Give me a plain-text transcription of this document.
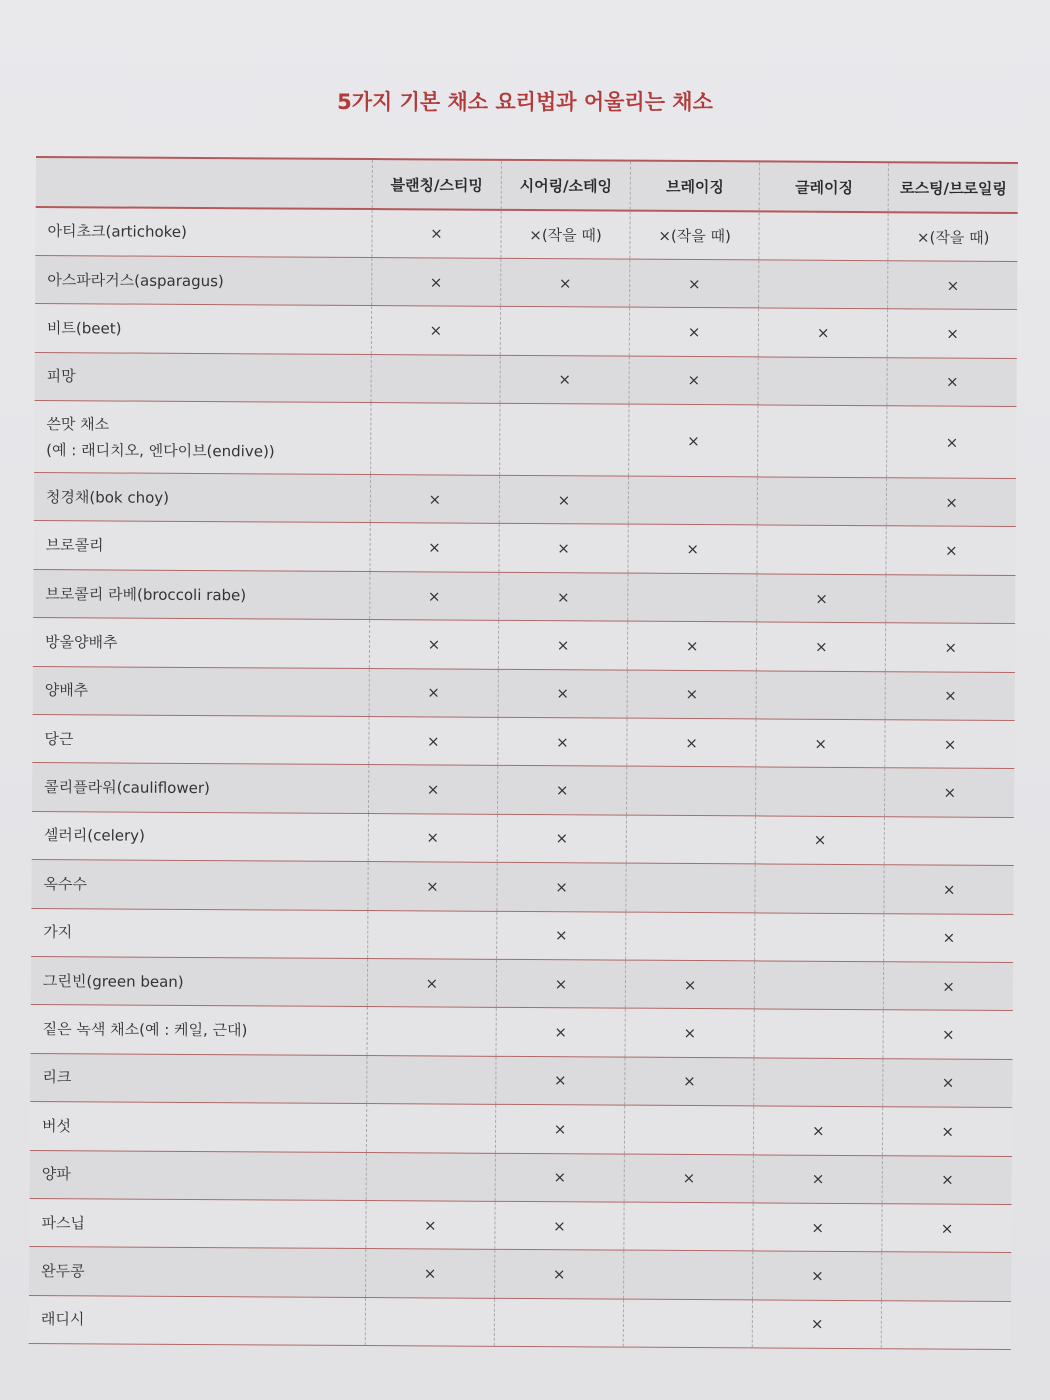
5가지 기본 채소 요리법과 어울리는 채소
	블랜칭/스티밍	시어링/소테잉	브레이징	글레이징	로스팅/브로일링

아티초크(artichoke)	×	×(작을 때)	×(작을 때)		×(작을 때)

아스파라거스(asparagus)	×	×	×		×

비트(beet)	×		×	×	×

피망		×	×		×

쓴맛 채소
(예 : 래디치오, 엔다이브(endive))			×		×

청경채(bok choy)	×	×			×

브로콜리	×	×	×		×

브로콜리 라베(broccoli rabe)	×	×		×	

방울양배추	×	×	×	×	×

양배추	×	×	×		×

당근	×	×	×	×	×

콜리플라워(cauliflower)	×	×			×

셀러리(celery)	×	×		×	

옥수수	×	×			×

가지		×			×

그린빈(green bean)	×	×	×		×

짙은 녹색 채소(예 : 케일, 근대)		×	×		×

리크		×	×		×

버섯		×		×	×

양파		×	×	×	×

파스닙	×	×		×	×

완두콩	×	×		×	

래디시				×	
